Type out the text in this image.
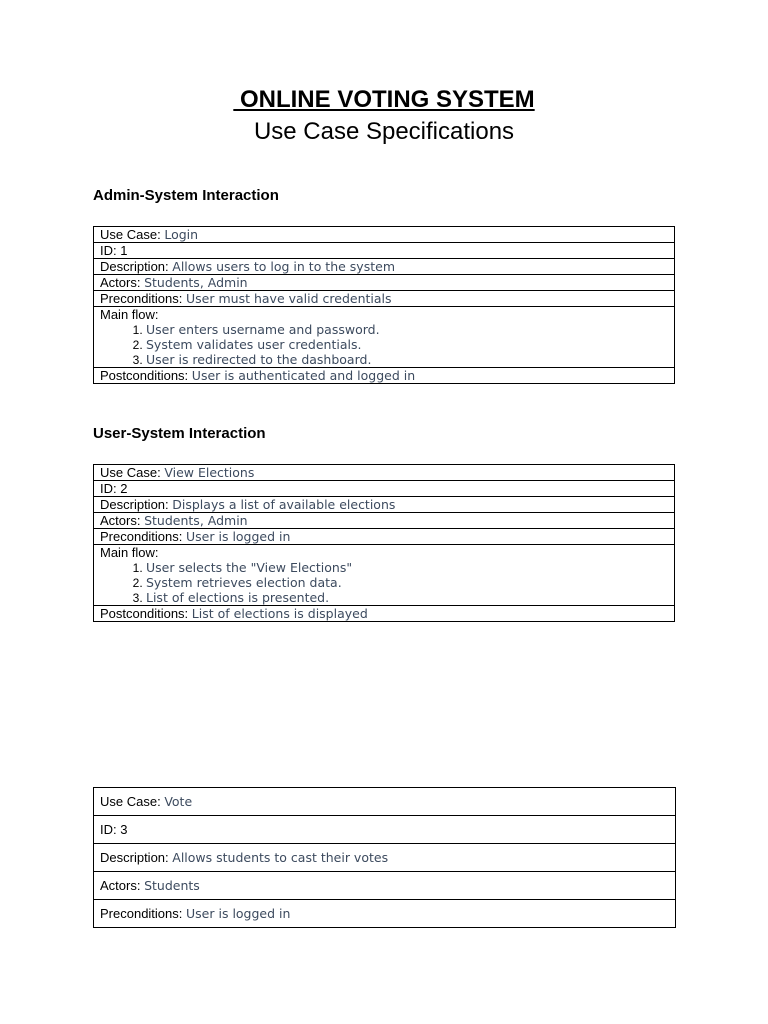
ONLINE VOTING SYSTEM
Use Case Specifications
Admin-System Interaction
Use Case: Login
ID: 1
Description: Allows users to log in to the system
Actors: Students, Admin
Preconditions: User must have valid credentials

Main flow:
1. User enters username and password.
2. System validates user credentials.
3. User is redirected to the dashboard.

Postconditions: User is authenticated and logged in
User-System Interaction
Use Case: View Elections
ID: 2
Description: Displays a list of available elections
Actors: Students, Admin
Preconditions: User is logged in

Main flow:
1. User selects the "View Elections"
2. System retrieves election data.
3. List of elections is presented.

Postconditions: List of elections is displayed
Use Case: Vote
ID: 3
Description: Allows students to cast their votes
Actors: Students
Preconditions: User is logged in
